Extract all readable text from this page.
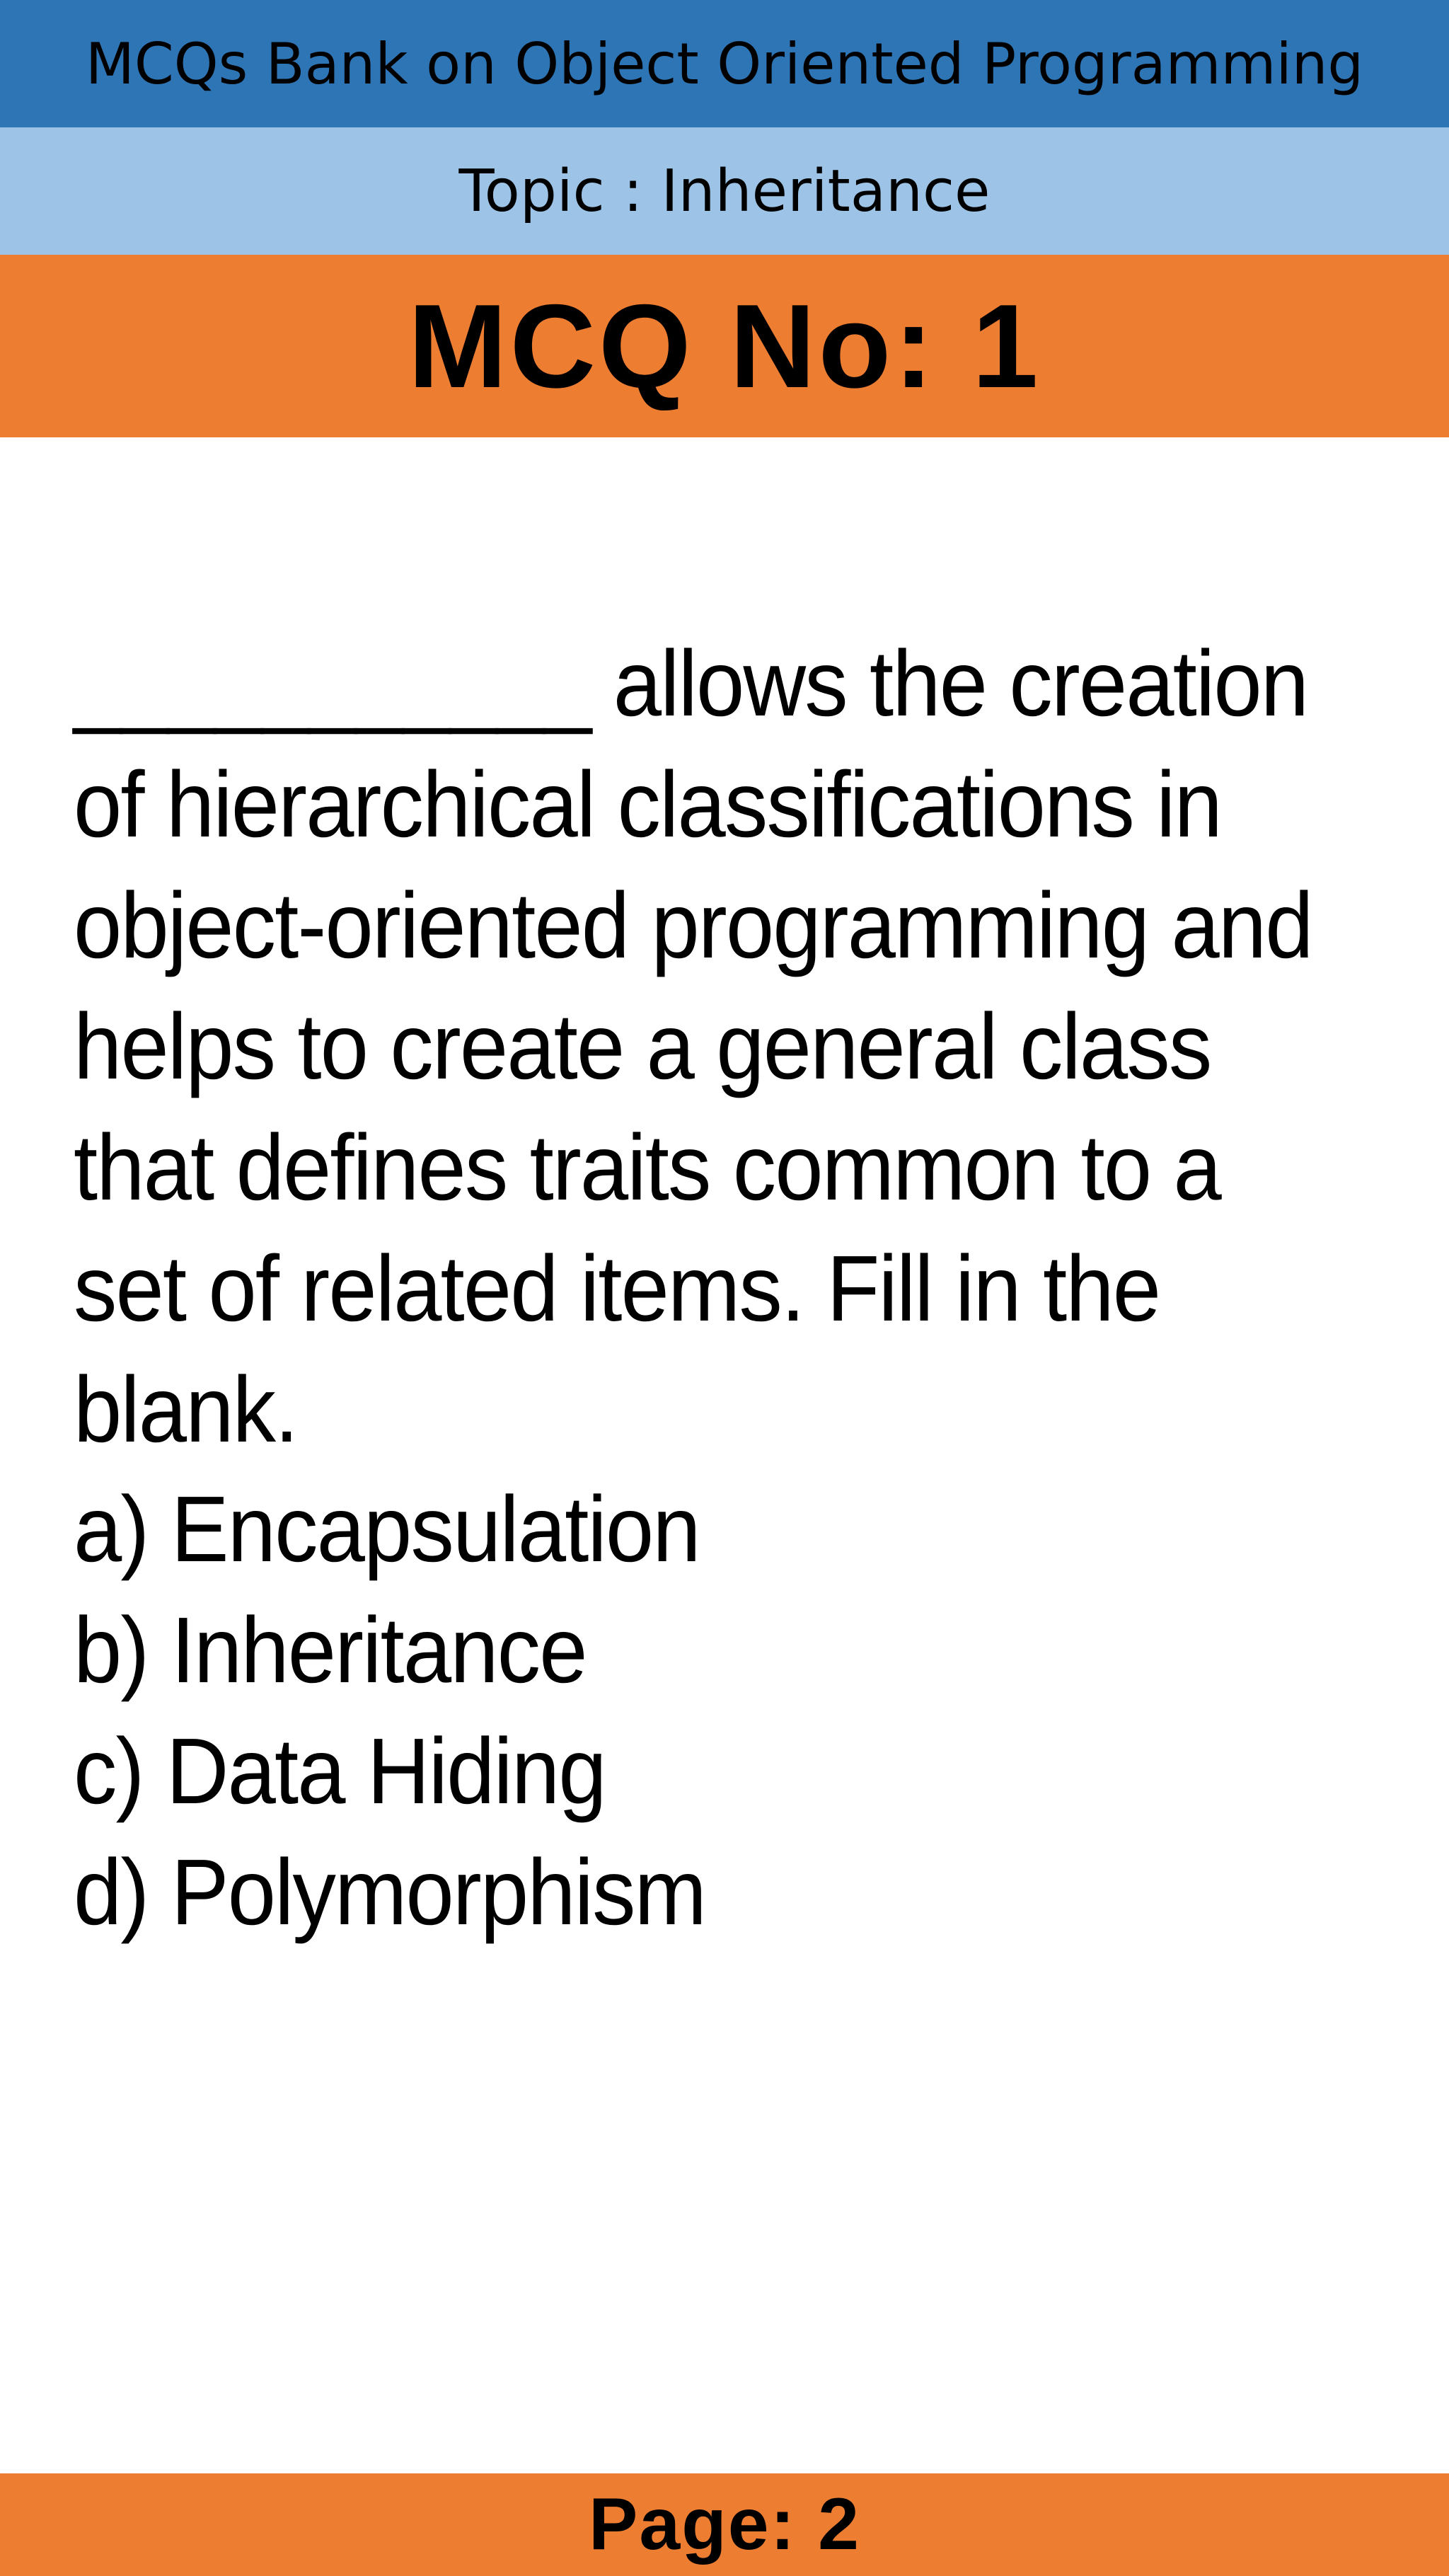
MCQs Bank on Object Oriented Programming
Topic : Inheritance
MCQ No: 1

___________ allows the creation of hierarchical classifications in object-oriented programming and helps to create a general class that defines traits common to a set of related items. Fill in the blank.

a) Encapsulation
b) Inheritance
c) Data Hiding
d) Polymorphism
Page: 2
